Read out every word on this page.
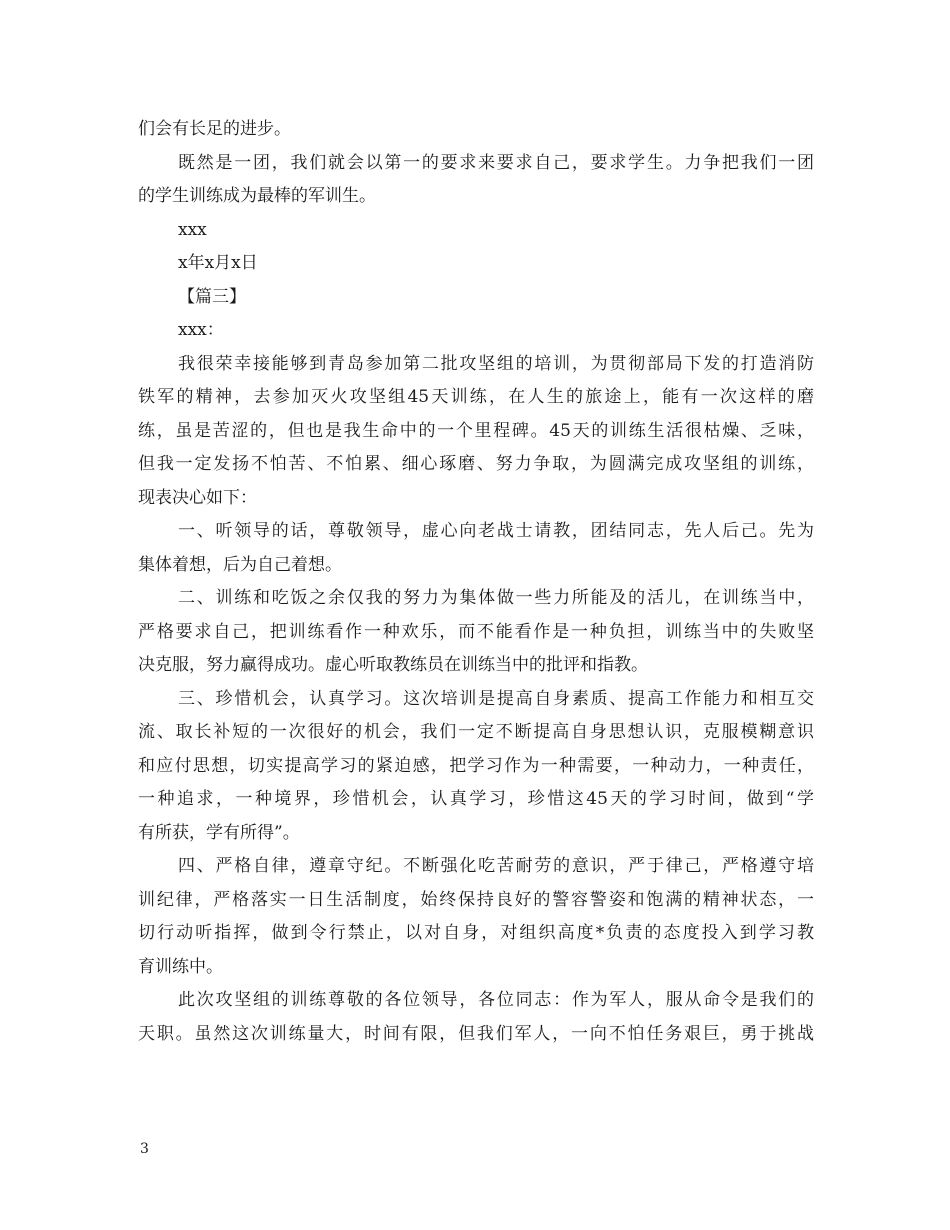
们会有长足的进步。
既然是一团，我们就会以第一的要求来要求自己，要求学生。力争把我们一团
的学生训练成为最棒的军训生。
xxx
x年x月x日
【篇三】
xxx：
我很荣幸接能够到青岛参加第二批攻坚组的培训，为贯彻部局下发的打造消防
铁军的精神，去参加灭火攻坚组45天训练，在人生的旅途上，能有一次这样的磨
练，虽是苦涩的，但也是我生命中的一个里程碑。45天的训练生活很枯燥、乏味，
但我一定发扬不怕苦、不怕累、细心琢磨、努力争取，为圆满完成攻坚组的训练，
现表决心如下：
一、听领导的话，尊敬领导，虚心向老战士请教，团结同志，先人后己。先为
集体着想，后为自己着想。
二、训练和吃饭之余仅我的努力为集体做一些力所能及的活儿，在训练当中，
严格要求自己，把训练看作一种欢乐，而不能看作是一种负担，训练当中的失败坚
决克服，努力赢得成功。虚心听取教练员在训练当中的批评和指教。
三、珍惜机会，认真学习。这次培训是提高自身素质、提高工作能力和相互交
流、取长补短的一次很好的机会，我们一定不断提高自身思想认识，克服模糊意识
和应付思想，切实提高学习的紧迫感，把学习作为一种需要，一种动力，一种责任，
一种追求，一种境界，珍惜机会，认真学习，珍惜这45天的学习时间，做到“学
有所获，学有所得”。
四、严格自律，遵章守纪。不断强化吃苦耐劳的意识，严于律己，严格遵守培
训纪律，严格落实一日生活制度，始终保持良好的警容警姿和饱满的精神状态，一
切行动听指挥，做到令行禁止，以对自身，对组织高度*负责的态度投入到学习教
育训练中。
此次攻坚组的训练尊敬的各位领导，各位同志：作为军人，服从命令是我们的
天职。虽然这次训练量大，时间有限，但我们军人，一向不怕任务艰巨，勇于挑战
3
